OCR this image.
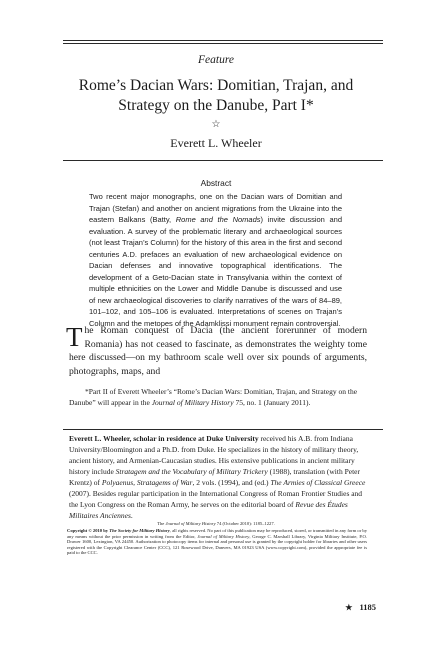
Feature
Rome’s Dacian Wars: Domitian, Trajan, and
Strategy on the Danube, Part I*
☆
Everett L. Wheeler
Abstract

Two recent major monographs, one on the Dacian wars of Domitian and Trajan (Stefan) and another on ancient migrations from the Ukraine into the eastern Balkans (Batty, Rome and the Nomads) invite discussion and evaluation. A survey of the problematic literary and archaeological sources (not least Trajan’s Column) for the history of this area in the first and second centuries A.D. prefaces an evaluation of new archaeological evidence on Dacian defenses and innovative topographical identifications. The development of a Geto-Dacian state in Transylvania within the context of multiple ethnicities on the Lower and Middle Danube is discussed and use of new archaeological discoveries to clarify narratives of the wars of 84–89, 101–102, and 105–106 is evaluated. Interpretations of scenes on Trajan’s Column and the metopes of the Adamklissi monument remain controversial.

The Roman conquest of Dacia (the ancient forerunner of modern Romania) has not ceased to fascinate, as demonstrates the weighty tome here discussed—on my bathroom scale well over six pounds of arguments, photographs, maps, and

*Part II of Everett Wheeler’s “Rome’s Dacian Wars: Domitian, Trajan, and Strategy on the Danube” will appear in the Journal of Military History 75, no. 1 (January 2011).

Everett L. Wheeler, scholar in residence at Duke University received his A.B. from Indiana University/Bloomington and a Ph.D. from Duke. He specializes in the history of military theory, ancient history, and Armenian-Caucasian studies. His extensive publications in ancient military history include Stratagem and the Vocabulary of Military Trickery (1988), translation (with Peter Krentz) of Polyaenus, Stratagems of War, 2 vols. (1994), and (ed.) The Armies of Classical Greece (2007). Besides regular participation in the International Congress of Roman Frontier Studies and the Lyon Congress on the Roman Army, he serves on the editorial board of Revue des Études Militaires Anciennes.

The Journal of Military History 74 (October 2010): 1185–1227.

Copyright © 2010 by The Society for Military History, all rights reserved. No part of this publication may be reproduced, stored, or transmitted in any form or by any means without the prior permission in writing from the Editor, Journal of Military History, George C. Marshall Library, Virginia Military Institute, P.O. Drawer 1600, Lexington, VA 24450. Authorization to photocopy items for internal and personal use is granted by the copyright holder for libraries and other users registered with the Copyright Clearance Center (CCC), 121 Rosewood Drive, Danvers, MA 01923 USA (www.copyright.com), provided the appropriate fee is paid to the CCC.

★ 1185
